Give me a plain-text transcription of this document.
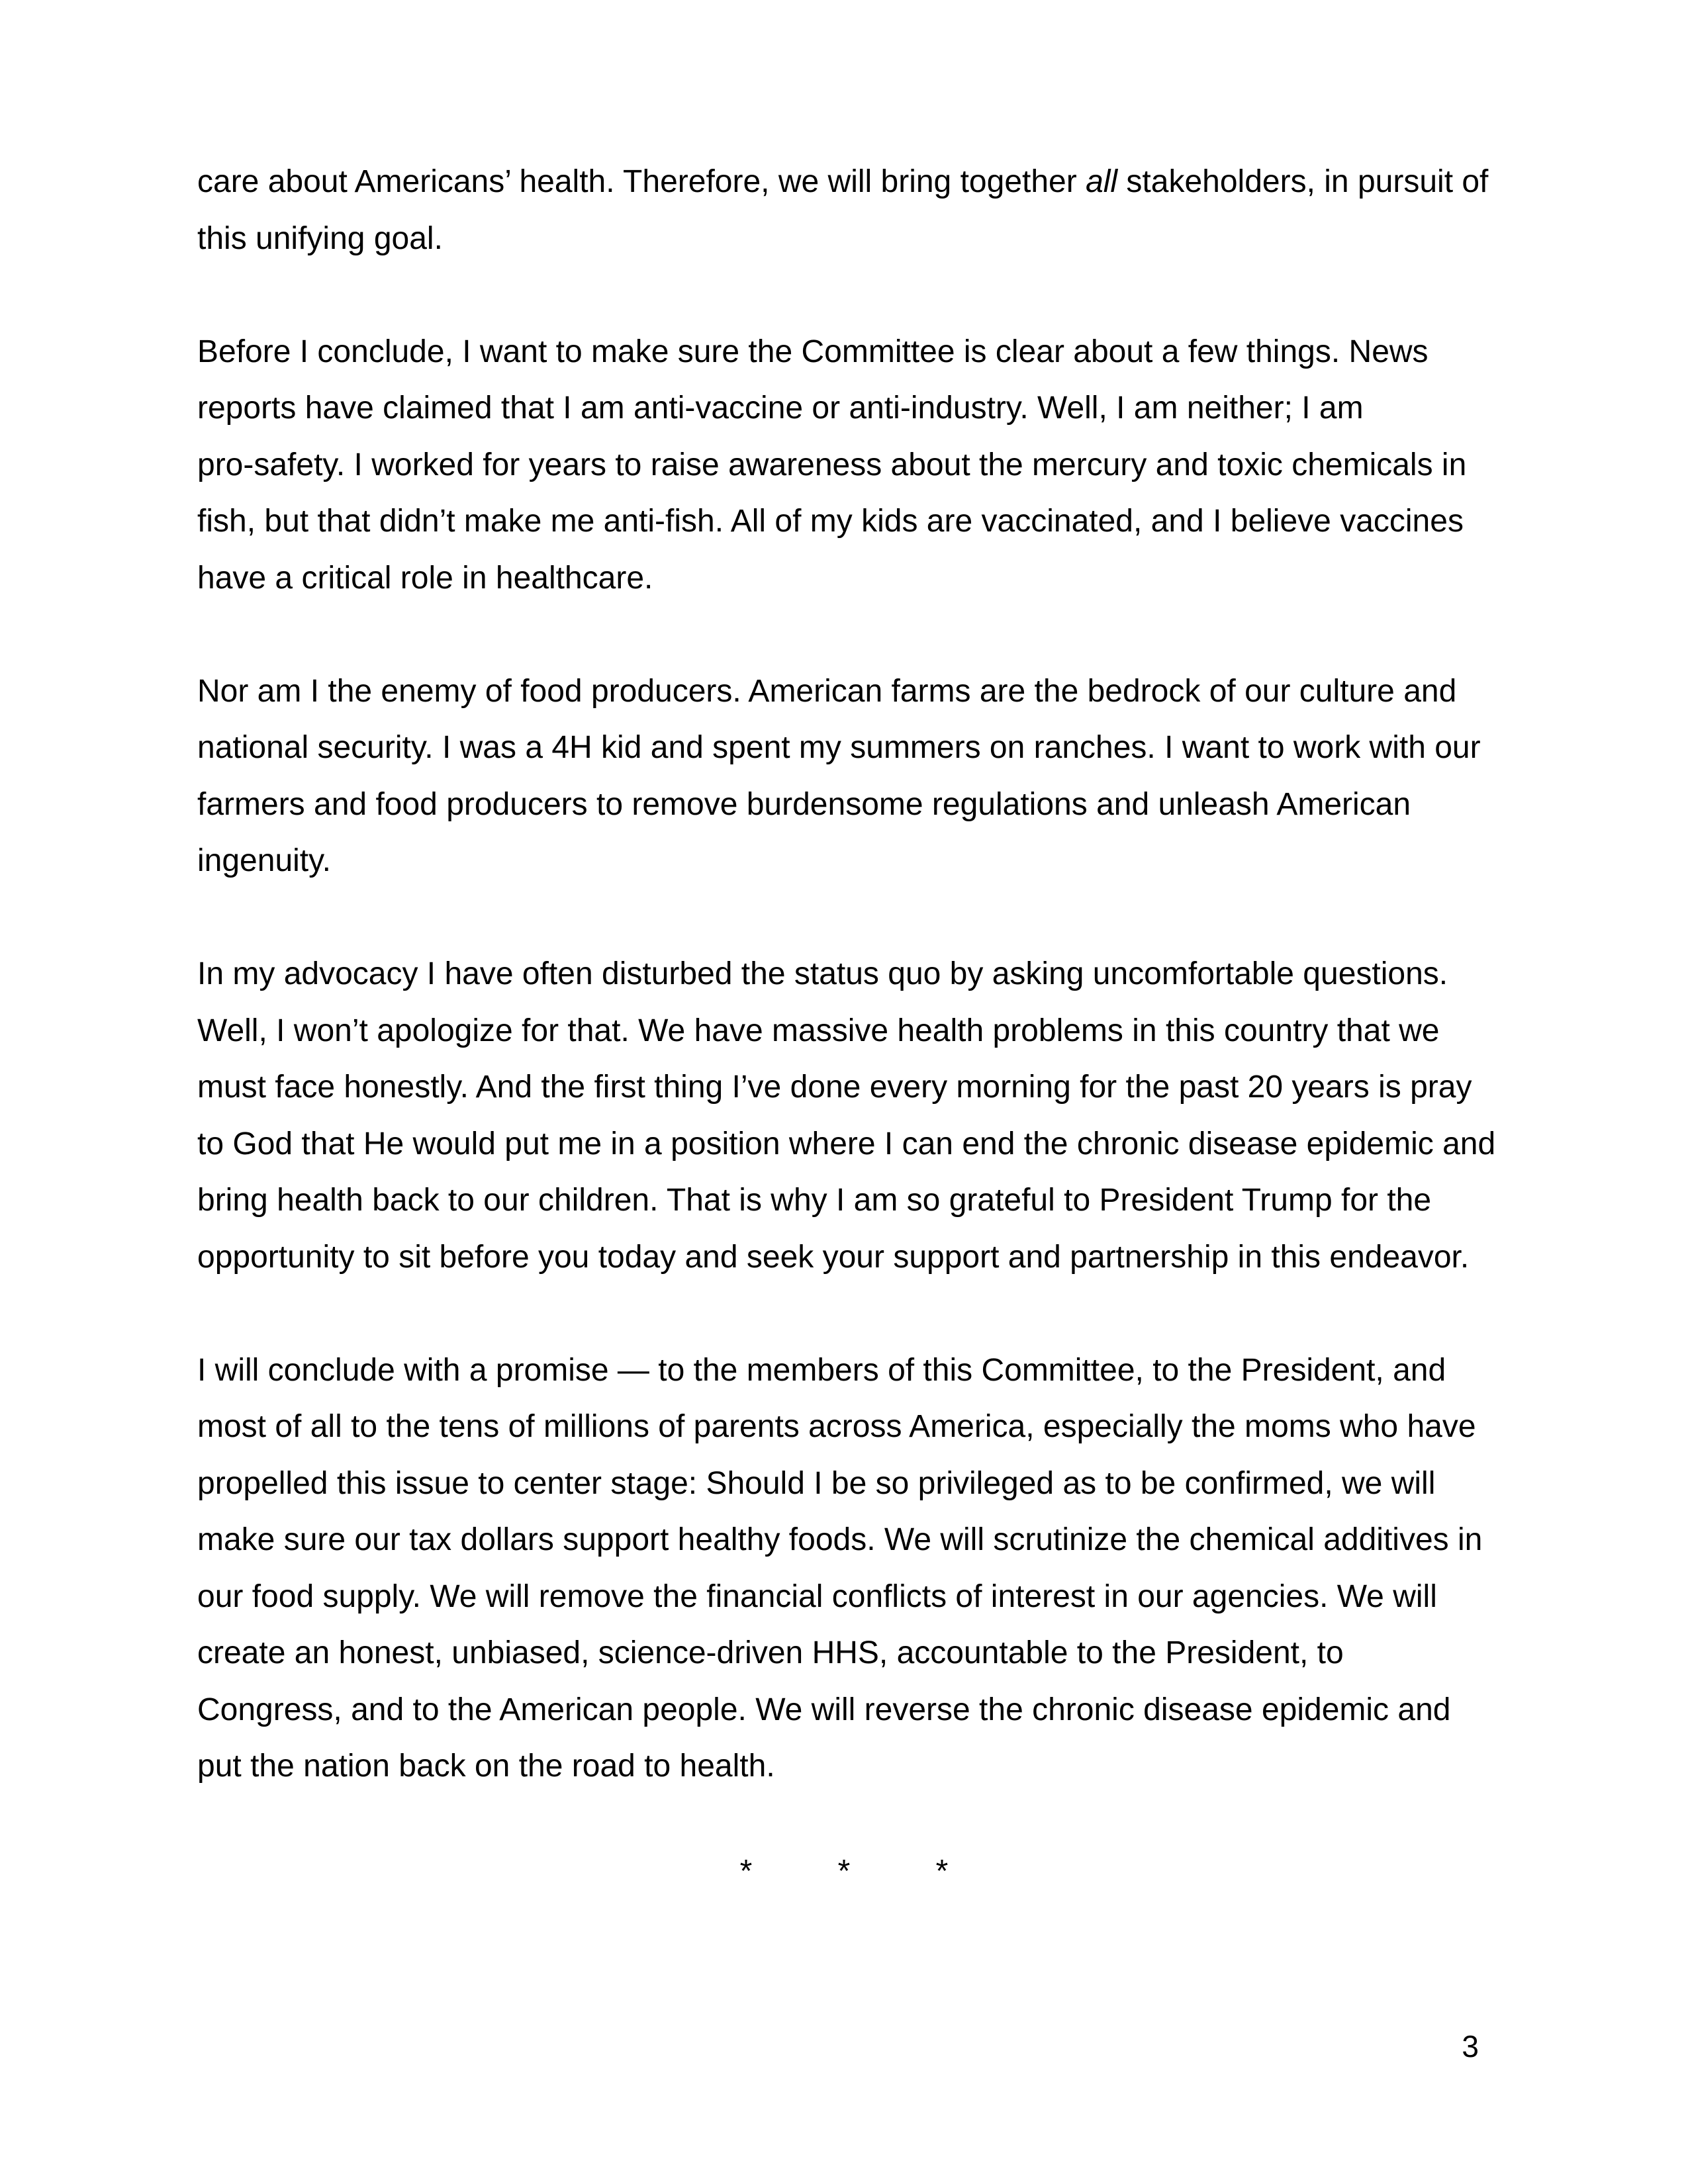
care about Americans’ health. Therefore, we will bring together all stakeholders, in pursuit of
this unifying goal.

Before I conclude, I want to make sure the Committee is clear about a few things. News
reports have claimed that I am anti-vaccine or anti-industry. Well, I am neither; I am
pro-safety. I worked for years to raise awareness about the mercury and toxic chemicals in
fish, but that didn’t make me anti-fish. All of my kids are vaccinated, and I believe vaccines
have a critical role in healthcare.

Nor am I the enemy of food producers. American farms are the bedrock of our culture and
national security. I was a 4H kid and spent my summers on ranches. I want to work with our
farmers and food producers to remove burdensome regulations and unleash American
ingenuity.

In my advocacy I have often disturbed the status quo by asking uncomfortable questions.
Well, I won’t apologize for that. We have massive health problems in this country that we
must face honestly. And the first thing I’ve done every morning for the past 20 years is pray
to God that He would put me in a position where I can end the chronic disease epidemic and
bring health back to our children. That is why I am so grateful to President Trump for the
opportunity to sit before you today and seek your support and partnership in this endeavor.

I will conclude with a promise — to the members of this Committee, to the President, and
most of all to the tens of millions of parents across America, especially the moms who have
propelled this issue to center stage: Should I be so privileged as to be confirmed, we will
make sure our tax dollars support healthy foods. We will scrutinize the chemical additives in
our food supply. We will remove the financial conflicts of interest in our agencies. We will
create an honest, unbiased, science-driven HHS, accountable to the President, to
Congress, and to the American people. We will reverse the chronic disease epidemic and
put the nation back on the road to health.

*	*	*
3
